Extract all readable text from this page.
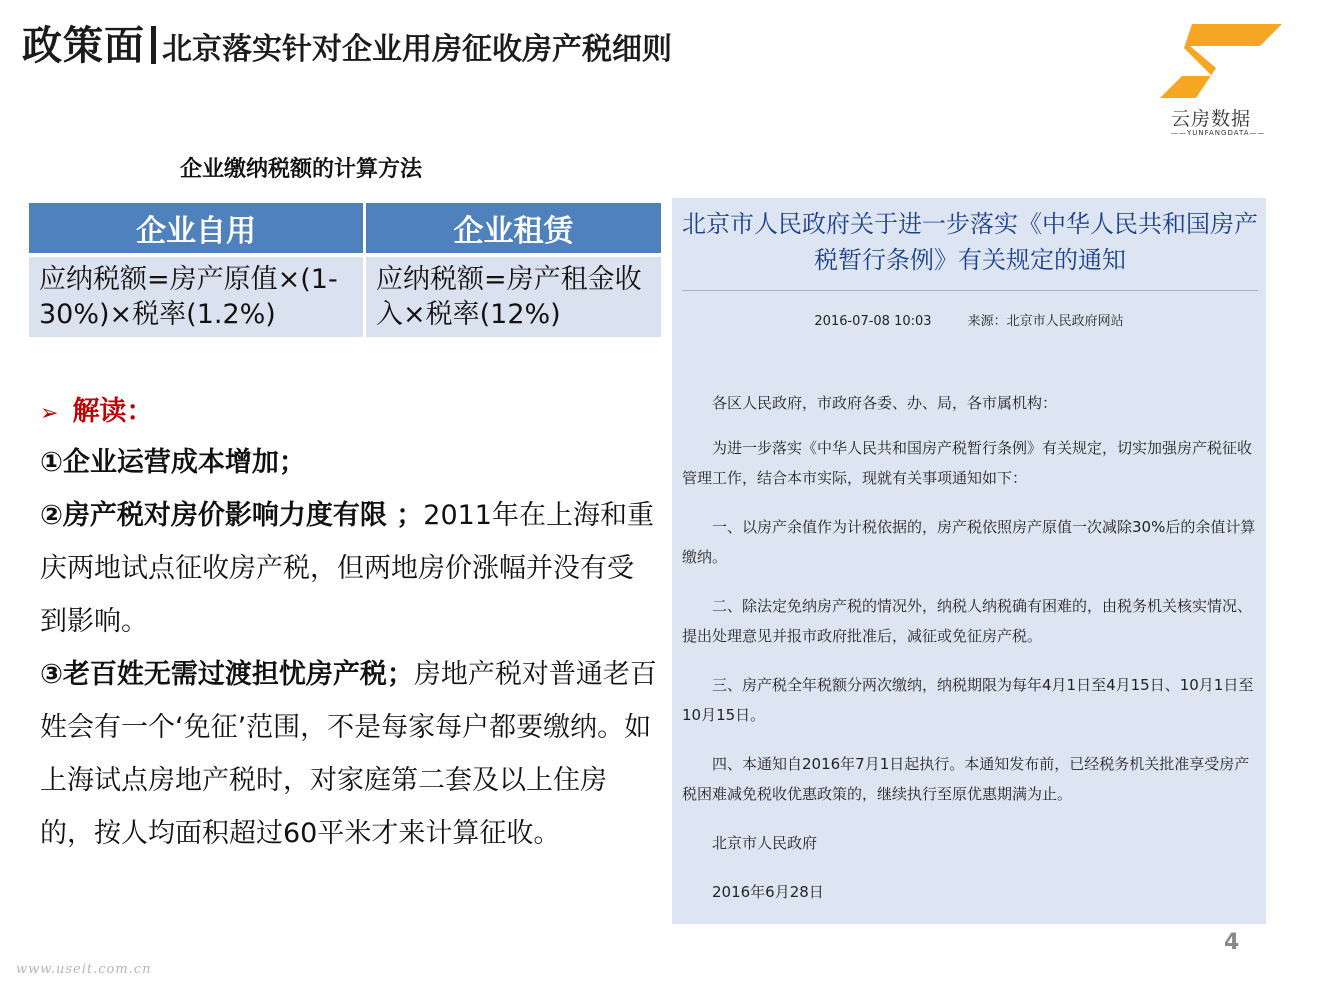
政策面 北京落实针对企业用房征收房产税细则
云房数据
——YUNFANGDATA——
企业缴纳税额的计算方法
企业自用	企业租赁
应纳税额=房产原值×(1-30%)×税率(1.2%)	应纳税额=房产租金收入×税率(12%)
➢ 解读：

①企业运营成本增加；

②房产税对房价影响力度有限 ；2011年在上海和重庆两地试点征收房产税，但两地房价涨幅并没有受到影响。

③老百姓无需过渡担忧房产税；房地产税对普通老百姓会有一个‘免征’范围，不是每家每户都要缴纳。如上海试点房地产税时，对家庭第二套及以上住房的，按人均面积超过60平米才来计算征收。

北京市人民政府关于进一步落实《中华人民共和国房产税暂行条例》有关规定的通知
2016-07-08 10:03	来源：北京市人民政府网站

各区人民政府，市政府各委、办、局，各市属机构：

为进一步落实《中华人民共和国房产税暂行条例》有关规定，切实加强房产税征收管理工作，结合本市实际，现就有关事项通知如下：

一、以房产余值作为计税依据的，房产税依照房产原值一次减除30%后的余值计算缴纳。

二、除法定免纳房产税的情况外，纳税人纳税确有困难的，由税务机关核实情况、提出处理意见并报市政府批准后，减征或免征房产税。

三、房产税全年税额分两次缴纳，纳税期限为每年4月1日至4月15日、10月1日至10月15日。

四、本通知自2016年7月1日起执行。本通知发布前，已经税务机关批准享受房产税困难减免税收优惠政策的，继续执行至原优惠期满为止。

北京市人民政府

2016年6月28日

4
www.useit.com.cn
